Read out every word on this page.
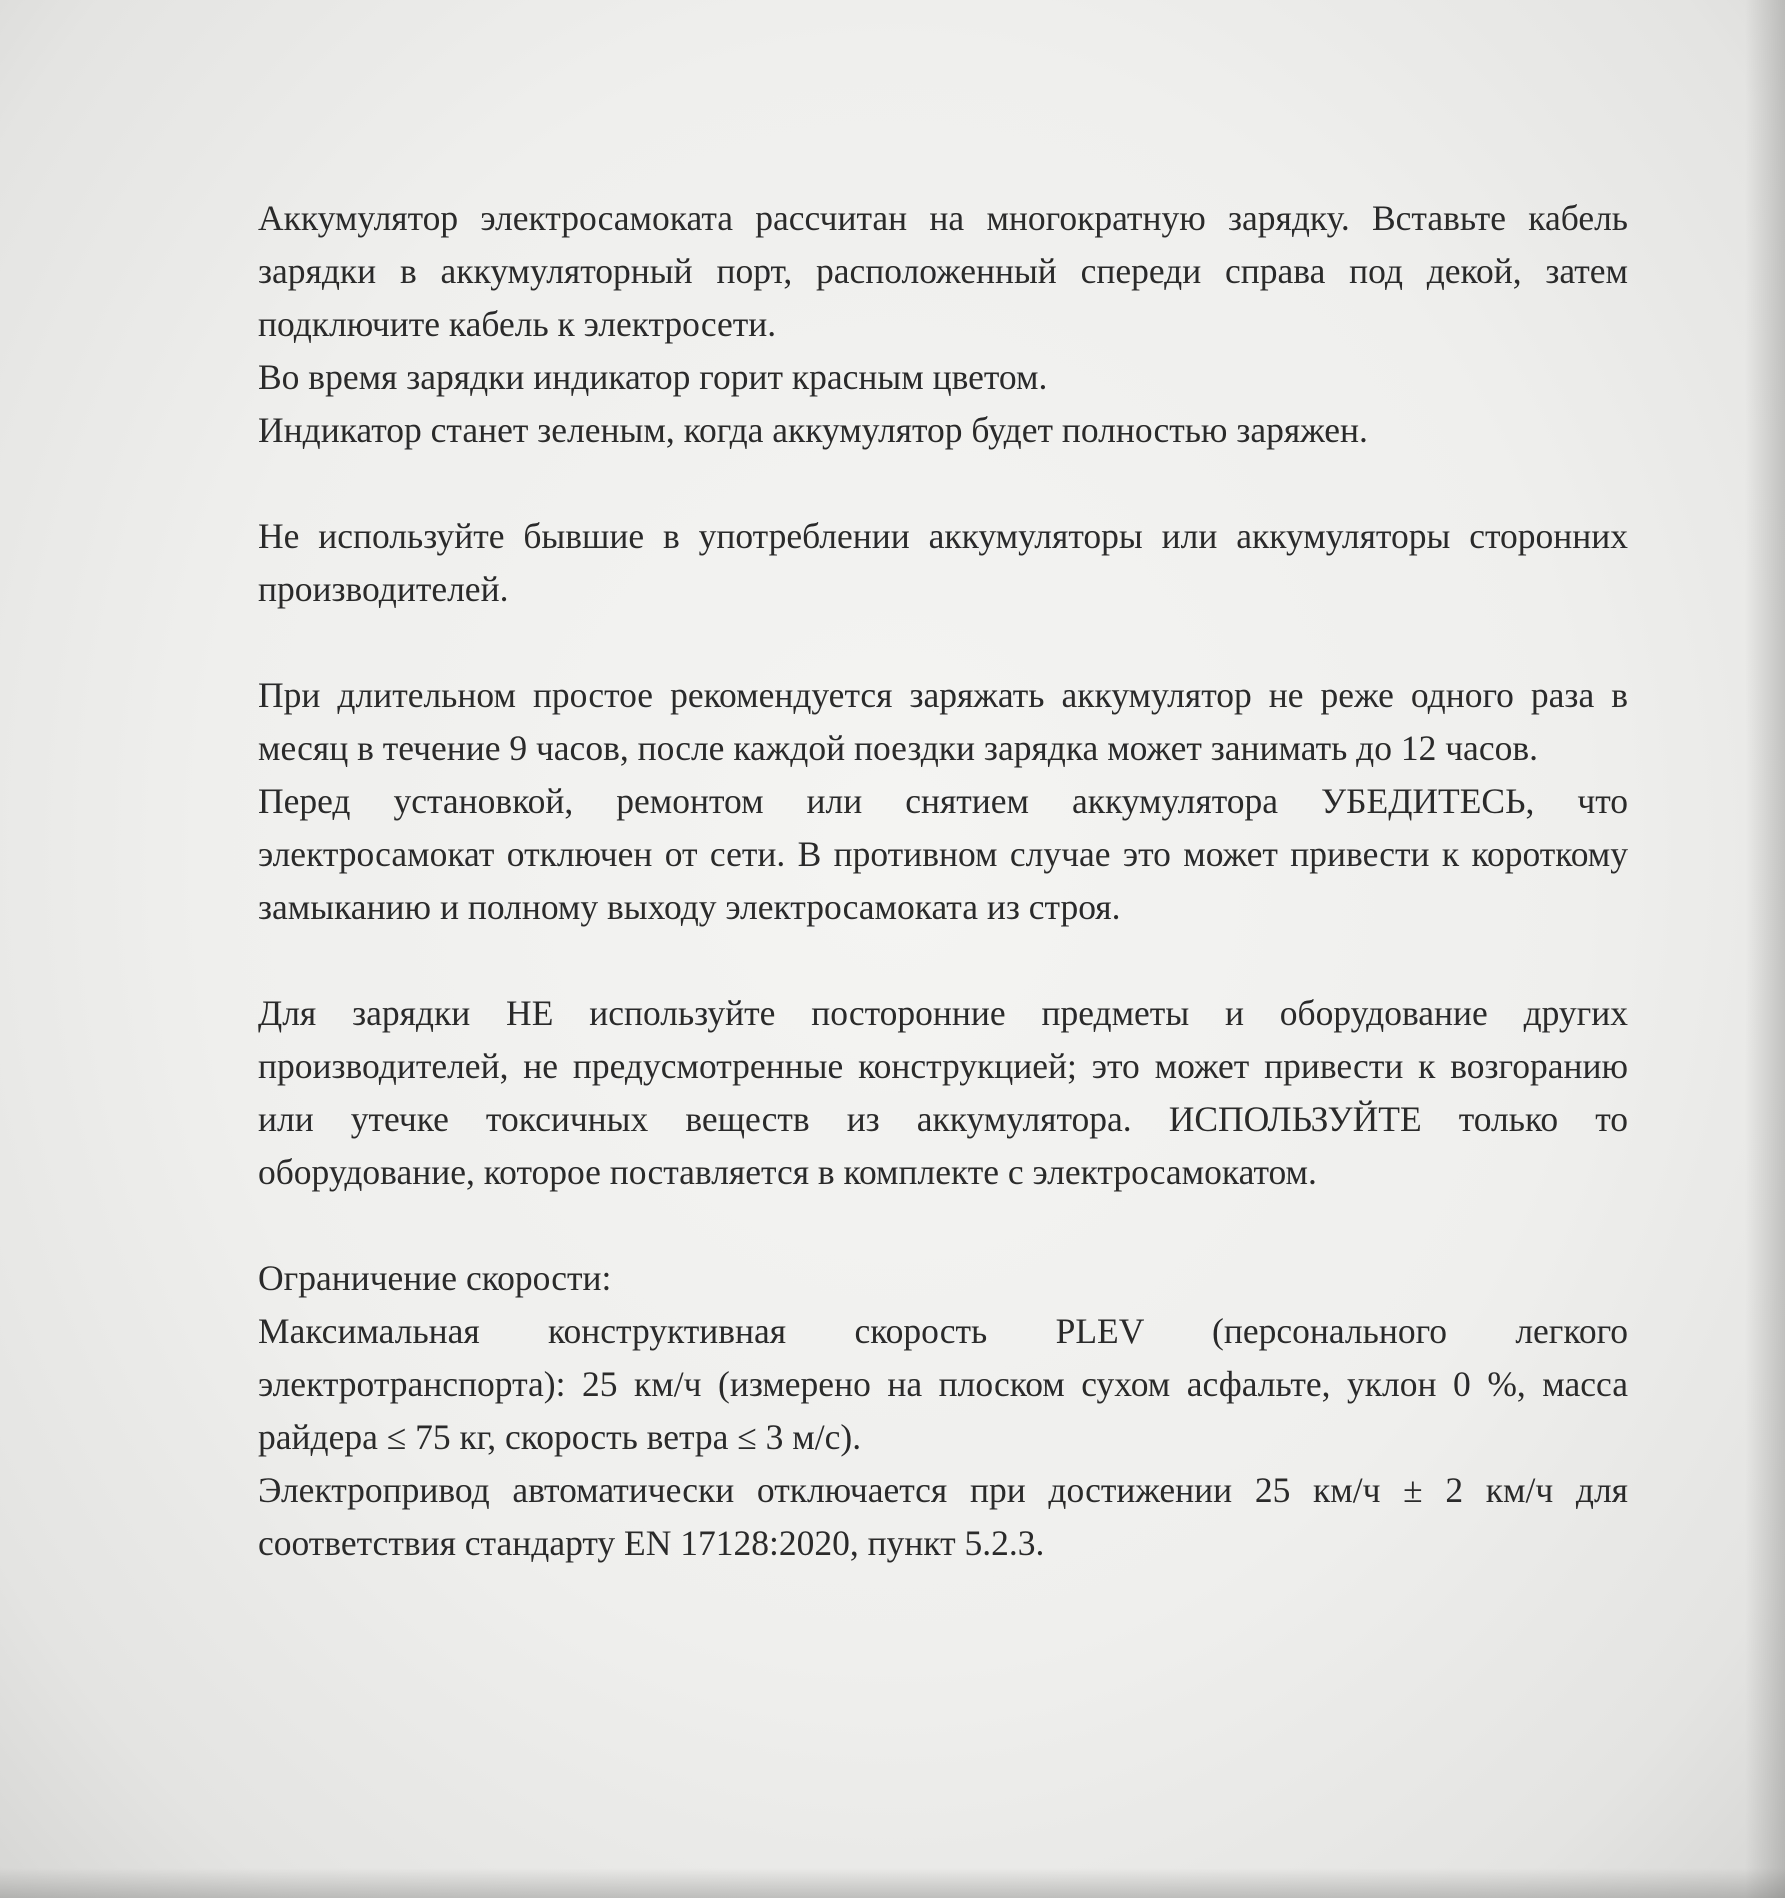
Аккумулятор электросамоката рассчитан на многократную зарядку. Вставьте кабель зарядки в аккумуляторный порт, расположенный спереди справа под декой, затем подключите кабель к электросети.

Во время зарядки индикатор горит красным цветом.

Индикатор станет зеленым, когда аккумулятор будет полностью заряжен.

Не используйте бывшие в употреблении аккумуляторы или аккумуляторы сторонних производителей.

При длительном простое рекомендуется заряжать аккумулятор не реже одного раза в месяц в течение 9 часов, после каждой поездки зарядка может занимать до 12 часов.

Перед установкой, ремонтом или снятием аккумулятора УБЕДИТЕСЬ, что электросамокат отключен от сети. В противном случае это может привести к короткому замыканию и полному выходу электросамоката из строя.

Для зарядки НЕ используйте посторонние предметы и оборудование других производителей, не предусмотренные конструкцией; это может привести к возгоранию или утечке токсичных веществ из аккумулятора. ИСПОЛЬЗУЙТЕ только то оборудование, которое поставляется в комплекте с электросамокатом.

Ограничение скорости:

Максимальная конструктивная скорость PLEV (персонального легкого электротранспорта): 25 км/ч (измерено на плоском сухом асфальте, уклон 0 %, масса райдера ≤ 75 кг, скорость ветра ≤ 3 м/с).

Электропривод автоматически отключается при достижении 25 км/ч ± 2 км/ч для соответствия стандарту EN 17128:2020, пункт 5.2.3.
